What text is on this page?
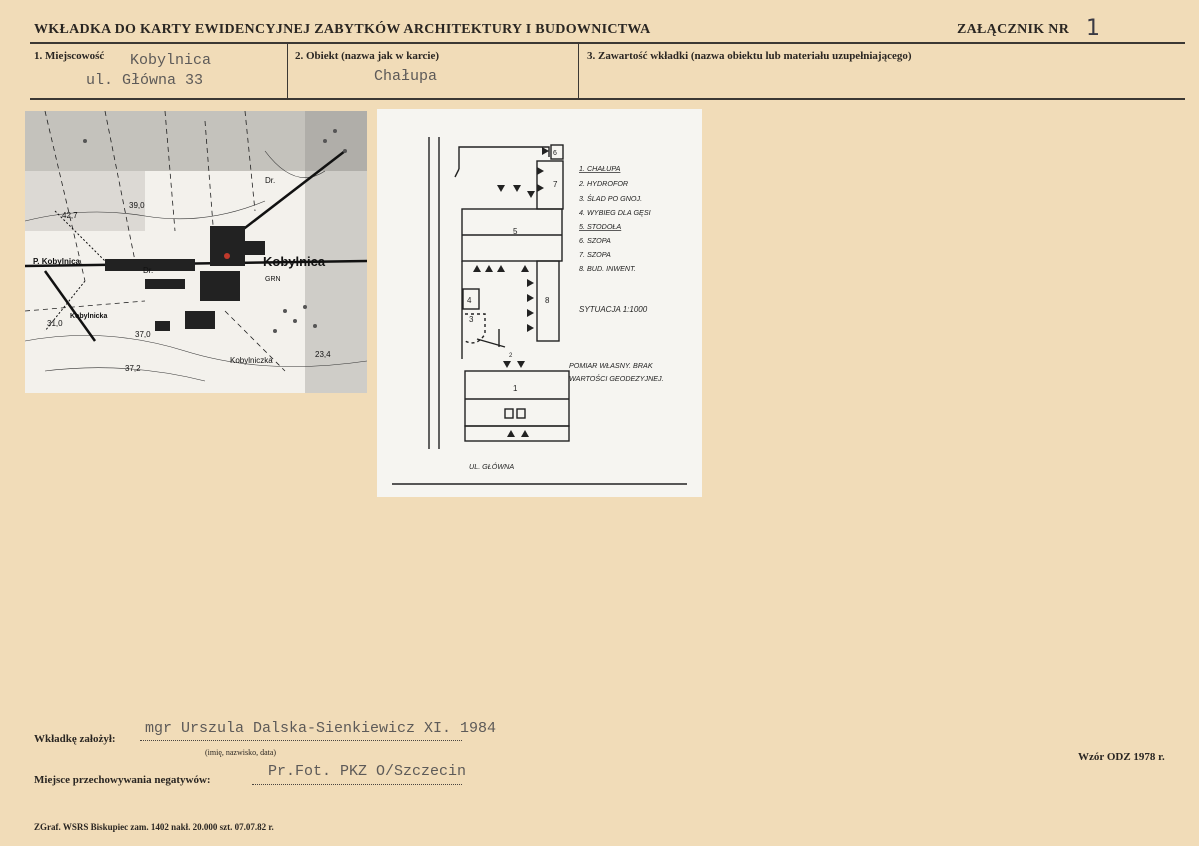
WKŁADKA DO KARTY EWIDENCYJNEJ ZABYTKÓW ARCHITEKTURY I BUDOWNICTWA	ZAŁĄCZNIK NR 1
1. Miejscowość Kobylnica
ul. Główna 33
2. Obiekt (nazwa jak w karcie)
Chałupa
3. Zawartość wkładki (nazwa obiektu lub materiału uzupełniającego)
Kobylnica
GRN
P. Kobylnica
Kobylniczka
Kobylnicka
Dr.
Dr.
42,7
39,0
31,0
37,0
23,4
37,2
5
6
7
8
4
3
2
1
1. CHAŁUPA
2. HYDROFOR
3. ŚLAD PO GNOJ.
4. WYBIEG DLA GĘSI
5. STODOŁA
6. SZOPA
7. SZOPA
8. BUD. INWENT.
SYTUACJA 1:1000
POMIAR WŁASNY. BRAK
WARTOŚCI GEODEZYJNEJ.
UL. GŁÓWNA
Wkładkę założył:
mgr Urszula Dalska-Sienkiewicz XI. 1984
(imię, nazwisko, data)
Miejsce przechowywania negatywów:	Pr.Fot. PKZ O/Szczecin
Wzór ODZ 1978 r.
ZGraf. WSRS Biskupiec zam. 1402 nakł. 20.000 szt. 07.07.82 r.
